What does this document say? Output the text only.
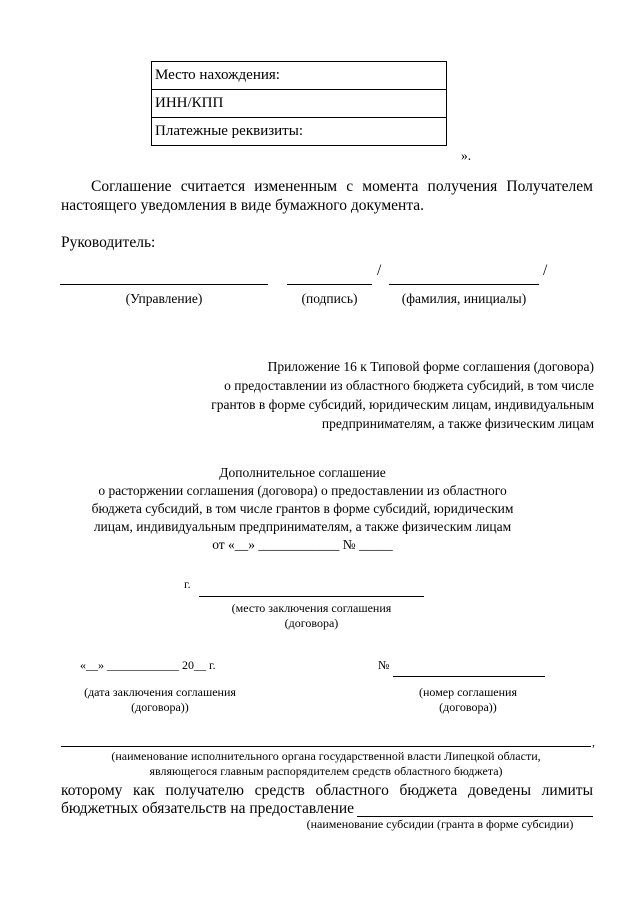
Место нахождения:
ИНН/КПП
Платежные реквизиты:
».
Соглашение считается измененным с момента получения Получателем настоящего уведомления в виде бумажного документа.
Руководитель:
/	/
(Управление)	(подпись)	(фамилия, инициалы)
Приложение 16 к Типовой форме соглашения (договора)
о предоставлении из областного бюджета субсидий, в том числе
грантов в форме субсидий, юридическим лицам, индивидуальным
предпринимателям, а также физическим лицам
Дополнительное соглашение
о расторжении соглашения (договора) о предоставлении из областного
бюджета субсидий, в том числе грантов в форме субсидий, юридическим
лицам, индивидуальным предпринимателям, а также физическим лицам
от «__» ____________ № _____
г.
(место заключения соглашения
(договора)
«__» ____________ 20__ г.
(дата заключения соглашения
(договора))
№
(номер соглашения
(договора))
,
(наименование исполнительного органа государственной власти Липецкой области,
являющегося главным распорядителем средств областного бюджета)
которому как получателю средств областного бюджета доведены лимиты
бюджетных обязательств на предоставление
(наименование субсидии (гранта в форме субсидии)
